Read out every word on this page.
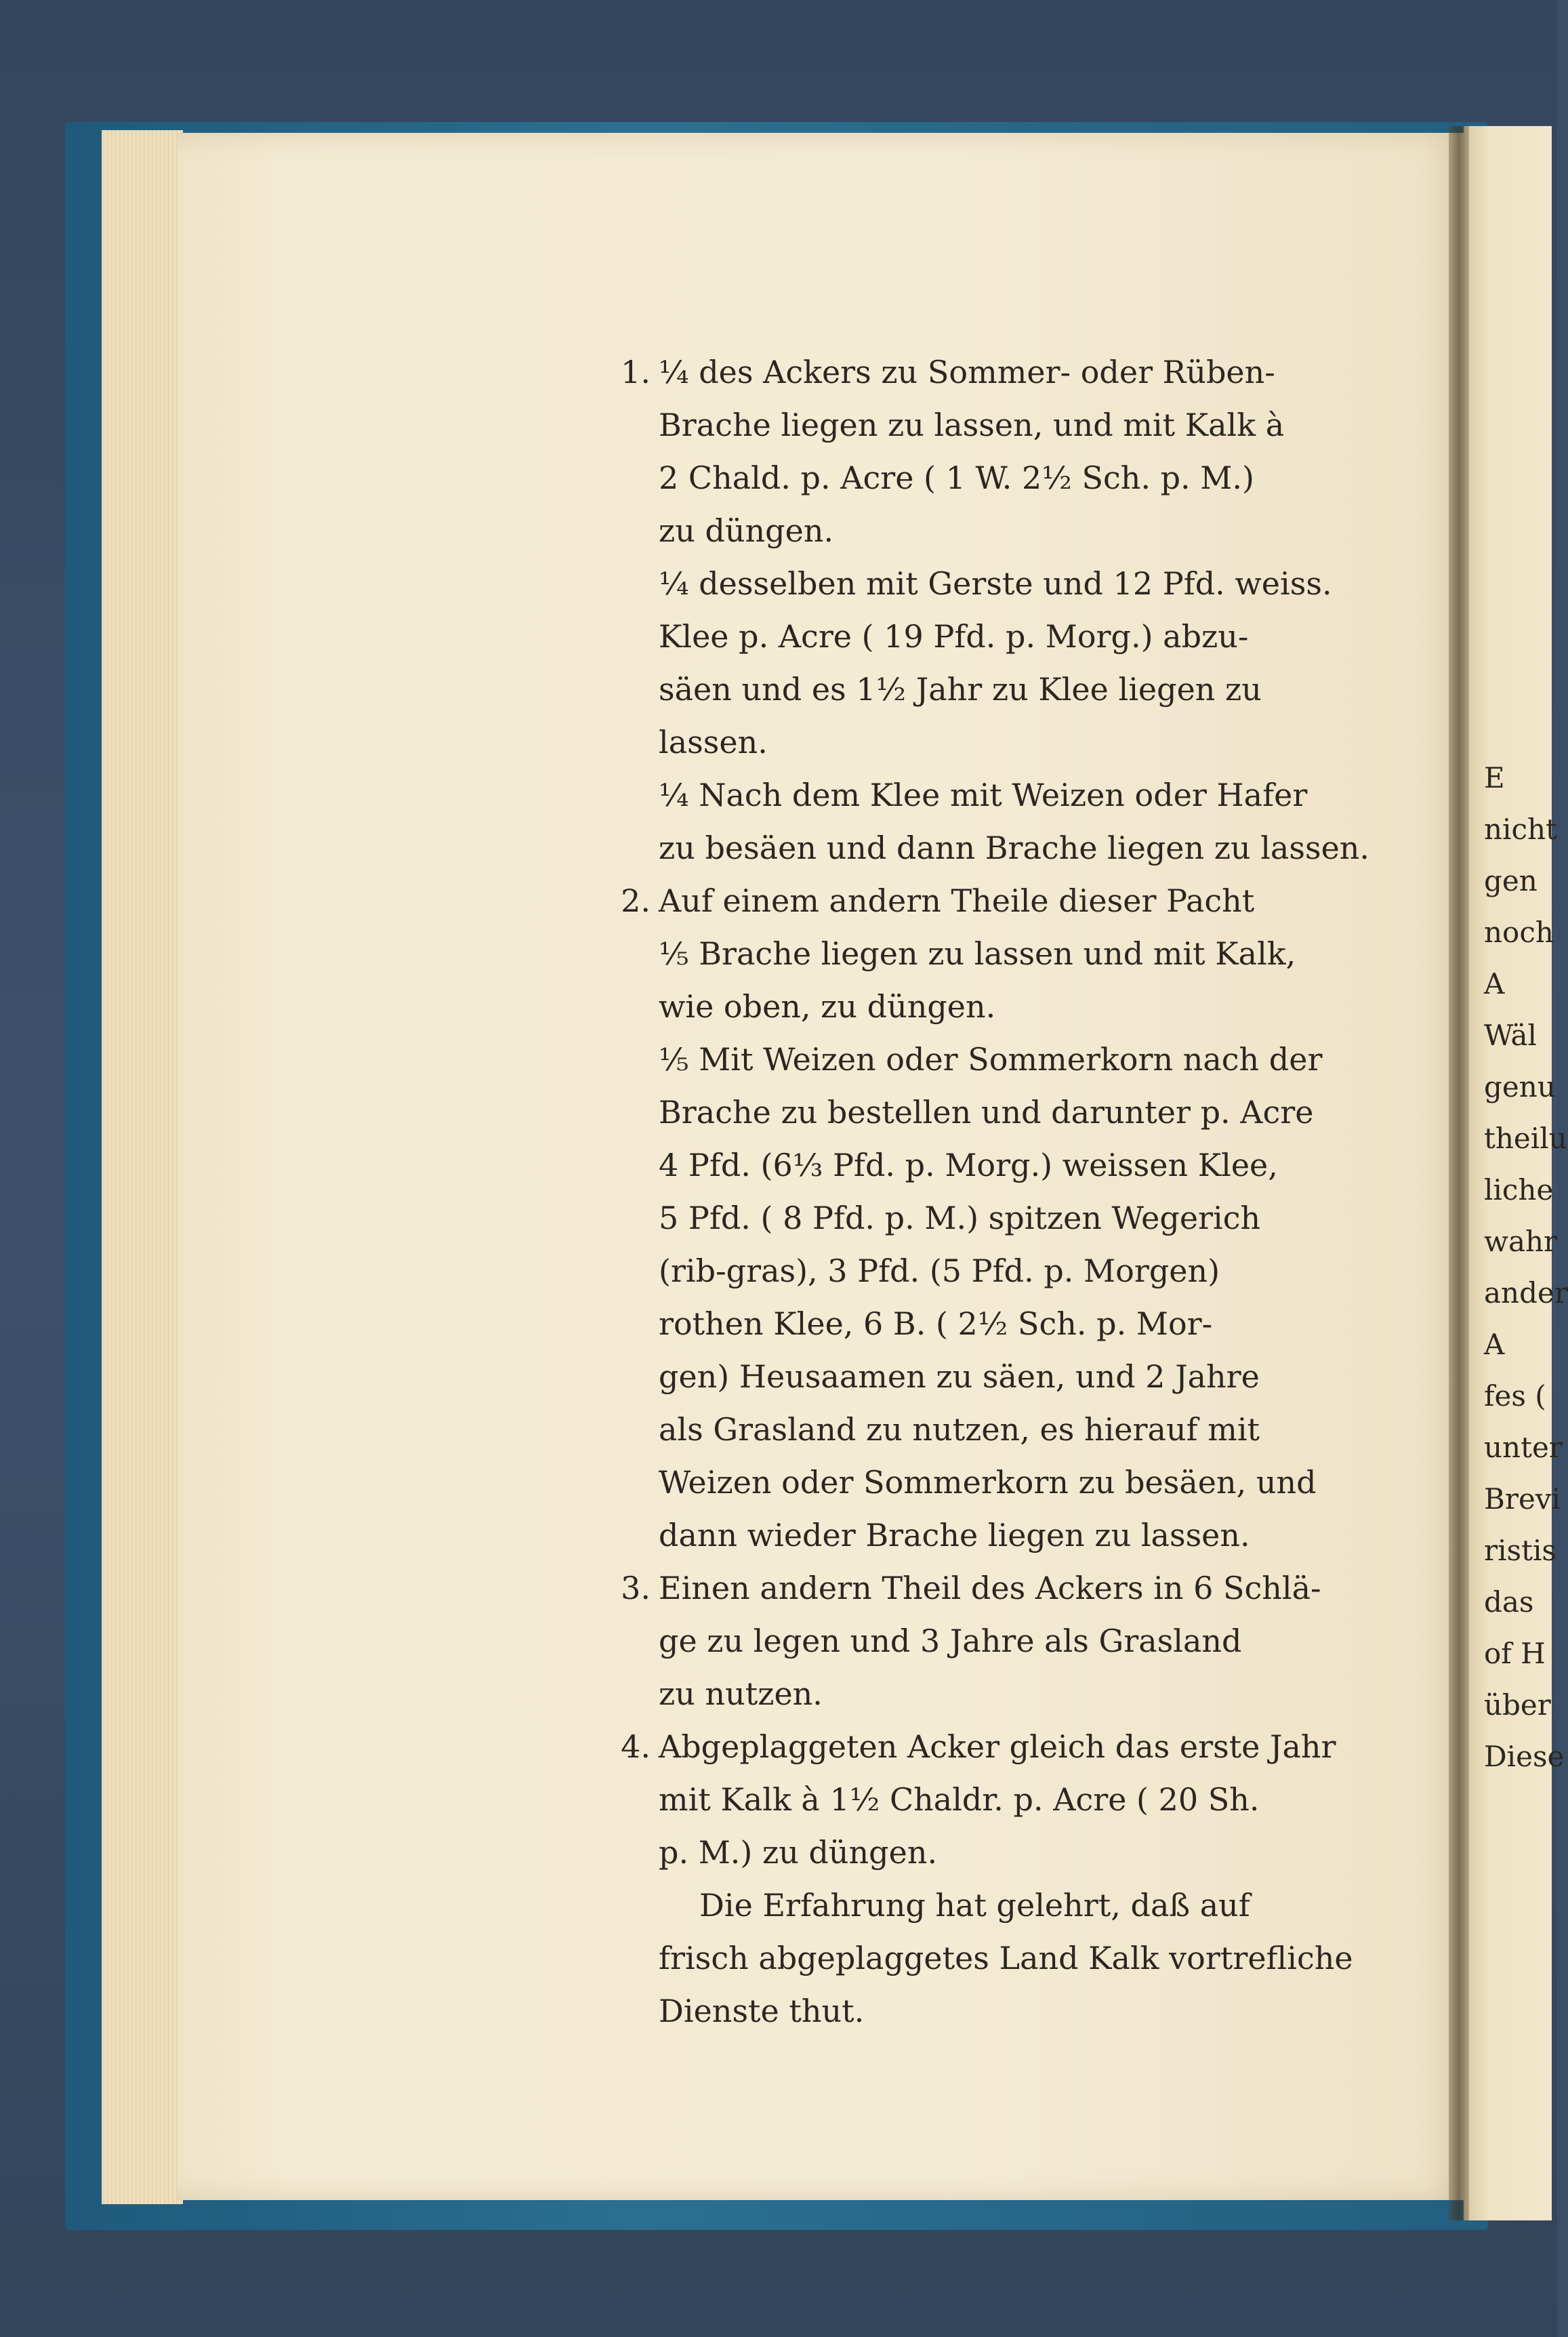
1. ¼ des Ackers zu Sommer- oder Rüben-
Brache liegen zu lassen, und mit Kalk à
2 Chald. p. Acre ( 1 W. 2½ Sch. p. M.)
zu düngen.
¼ desselben mit Gerste und 12 Pfd. weiss.
Klee p. Acre ( 19 Pfd. p. Morg.) abzu-
säen und es 1½ Jahr zu Klee liegen zu
lassen.
¼ Nach dem Klee mit Weizen oder Hafer
zu besäen und dann Brache liegen zu lassen.
2. Auf einem andern Theile dieser Pacht
⅕ Brache liegen zu lassen und mit Kalk,
wie oben, zu düngen.
⅕ Mit Weizen oder Sommerkorn nach der
Brache zu bestellen und darunter p. Acre
4 Pfd. (6⅓ Pfd. p. Morg.) weissen Klee,
5 Pfd. ( 8 Pfd. p. M.) spitzen Wegerich
(rib-gras), 3 Pfd. (5 Pfd. p. Morgen)
rothen Klee, 6 B. ( 2½ Sch. p. Mor-
gen) Heusaamen zu säen, und 2 Jahre
als Grasland zu nutzen, es hierauf mit
Weizen oder Sommerkorn zu besäen, und
dann wieder Brache liegen zu lassen.
3. Einen andern Theil des Ackers in 6 Schlä-
ge zu legen und 3 Jahre als Grasland
zu nutzen.
4. Abgeplaggeten Acker gleich das erste Jahr
mit Kalk à 1½ Chaldr. p. Acre ( 20 Sh.
p. M.) zu düngen.
Die Erfahrung hat gelehrt, daß auf
frisch abgeplaggetes Land Kalk vortrefliche
Dienste thut.
E
nicht
gen
noch
A
Wäl
genu
theilu
liche
wahr
ander
A
fes (
unter
Brevi
ristis
das
of H
über
Diese
